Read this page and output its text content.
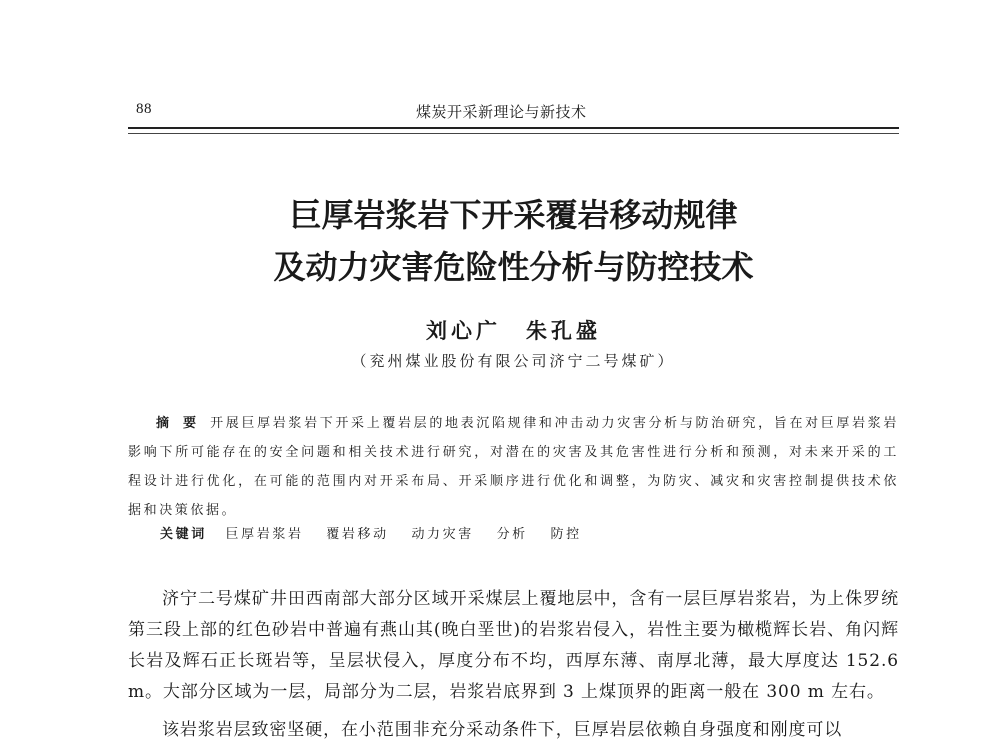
88	煤炭开采新理论与新技术
巨厚岩浆岩下开采覆岩移动规律
及动力灾害危险性分析与防控技术
刘心广　朱孔盛
（兖州煤业股份有限公司济宁二号煤矿）
摘要开展巨厚岩浆岩下开采上覆岩层的地表沉陷规律和冲击动力灾害分析与防治研究，旨在对巨厚岩浆岩影响下所可能存在的安全问题和相关技术进行研究，对潜在的灾害及其危害性进行分析和预测，对未来开采的工程设计进行优化，在可能的范围内对开采布局、开采顺序进行优化和调整，为防灾、减灾和灾害控制提供技术依据和决策依据。
关键词 巨厚岩浆岩 覆岩移动 动力灾害 分析 防控

济宁二号煤矿井田西南部大部分区域开采煤层上覆地层中，含有一层巨厚岩浆岩，为上侏罗统第三段上部的红色砂岩中普遍有燕山其(晚白垩世)的岩浆岩侵入，岩性主要为橄榄辉长岩、角闪辉长岩及辉石正长斑岩等，呈层状侵入，厚度分布不均，西厚东薄、南厚北薄，最大厚度达 152.6 m。大部分区域为一层，局部分为二层，岩浆岩底界到 3 上煤顶界的距离一般在 300 m 左右。

该岩浆岩层致密坚硬，在小范围非充分采动条件下，巨厚岩层依赖自身强度和刚度可以
